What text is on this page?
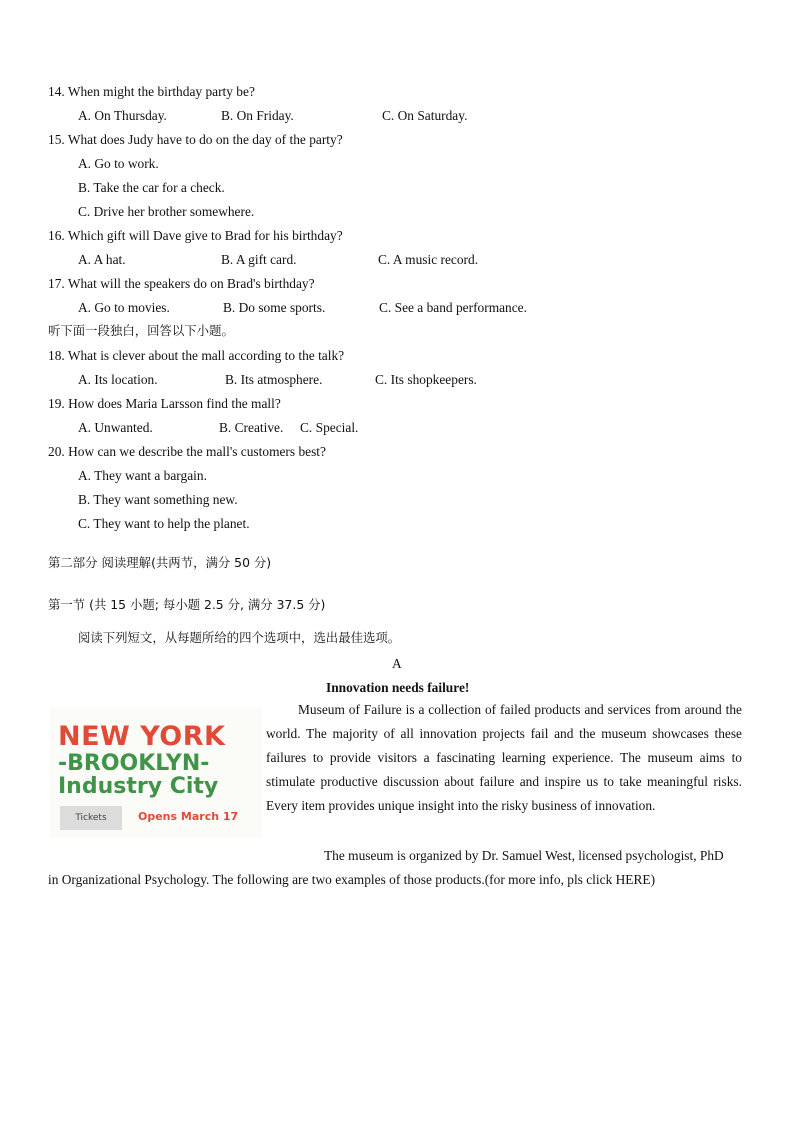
14. When might the birthday party be?
A. On Thursday.	B. On Friday.	C. On Saturday.
15. What does Judy have to do on the day of the party?
A. Go to work.
B. Take the car for a check.
C. Drive her brother somewhere.
16. Which gift will Dave give to Brad for his birthday?
A. A hat.	B. A gift card.	C. A music record.
17. What will the speakers do on Brad's birthday?
A. Go to movies.	B. Do some sports.	C. See a band performance.
听下面一段独白，回答以下小题。
18. What is clever about the mall according to the talk?
A. Its location.	B. Its atmosphere.	C. Its shopkeepers.
19. How does Maria Larsson find the mall?
A. Unwanted.	B. Creative. C. Special.
20. How can we describe the mall's customers best?
A. They want a bargain.
B. They want something new.
C. They want to help the planet.
第二部分 阅读理解(共两节，满分 50 分)
第一节 (共 15 小题; 每小题 2.5 分, 满分 37.5 分)
阅读下列短文，从每题所给的四个选项中，选出最佳选项。
A
Innovation needs failure!
NEW YORK
-BROOKLYN-
Industry City
Tickets	Opens March 17
Museum of Failure is a collection of failed products and services from around the world. The majority of all innovation projects fail and the museum showcases these failures to provide visitors a fascinating learning experience. The museum aims to stimulate productive discussion about failure and inspire us to take meaningful risks. Every item provides unique insight into the risky business of innovation.
The museum is organized by Dr. Samuel West, licensed psychologist, PhD
in Organizational Psychology. The following are two examples of those products.(for more info, pls click HERE)
